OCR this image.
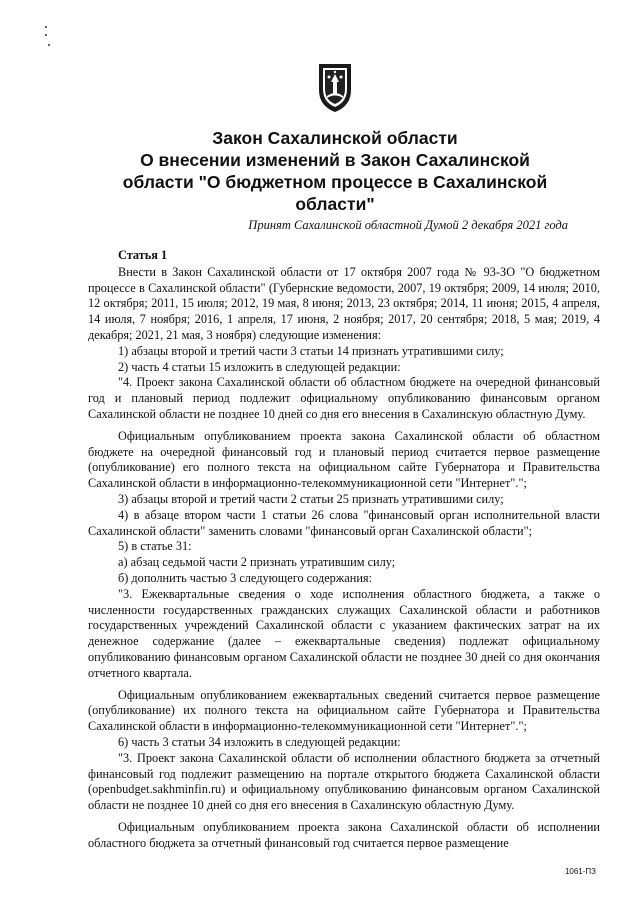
Закон Сахалинской области
О внесении изменений в Закон Сахалинской
области "О бюджетном процессе в Сахалинской
области"
Принят Сахалинской областной Думой 2 декабря 2021 года
Статья 1

Внести в Закон Сахалинской области от 17 октября 2007 года № 93-ЗО "О бюджетном процессе в Сахалинской области" (Губернские ведомости, 2007, 19 октября; 2009, 14 июля; 2010, 12 октября; 2011, 15 июля; 2012, 19 мая, 8 июня; 2013, 23 октября; 2014, 11 июня; 2015, 4 апреля, 14 июля, 7 ноября; 2016, 1 апреля, 17 июня, 2 ноября; 2017, 20 сентября; 2018, 5 мая; 2019, 4 декабря; 2021, 21 мая, 3 ноября) следующие изменения:

1) абзацы второй и третий части 3 статьи 14 признать утратившими силу;

2) часть 4 статьи 15 изложить в следующей редакции:

"4. Проект закона Сахалинской области об областном бюджете на очередной финансовый год и плановый период подлежит официальному опубликованию финансовым органом Сахалинской области не позднее 10 дней со дня его внесения в Сахалинскую областную Думу.

Официальным опубликованием проекта закона Сахалинской области об областном бюджете на очередной финансовый год и плановый период считается первое размещение (опубликование) его полного текста на официальном сайте Губернатора и Правительства Сахалинской области в информационно-телекоммуникационной сети "Интернет".";

3) абзацы второй и третий части 2 статьи 25 признать утратившими силу;

4) в абзаце втором части 1 статьи 26 слова "финансовый орган исполнительной власти Сахалинской области" заменить словами "финансовый орган Сахалинской области";

5) в статье 31:

а) абзац седьмой части 2 признать утратившим силу;

б) дополнить частью 3 следующего содержания:

"3. Ежеквартальные сведения о ходе исполнения областного бюджета, а также о численности государственных гражданских служащих Сахалинской области и работников государственных учреждений Сахалинской области с указанием фактических затрат на их денежное содержание (далее – ежеквартальные сведения) подлежат официальному опубликованию финансовым органом Сахалинской области не позднее 30 дней со дня окончания отчетного квартала.

Официальным опубликованием ежеквартальных сведений считается первое размещение (опубликование) их полного текста на официальном сайте Губернатора и Правительства Сахалинской области в информационно-телекоммуникационной сети "Интернет".";

6) часть 3 статьи 34 изложить в следующей редакции:

"3. Проект закона Сахалинской области об исполнении областного бюджета за отчетный финансовый год подлежит размещению на портале открытого бюджета Сахалинской области (openbudget.sakhminfin.ru) и официальному опубликованию финансовым органом Сахалинской области не позднее 10 дней со дня его внесения в Сахалинскую областную Думу.

Официальным опубликованием проекта закона Сахалинской области об исполнении областного бюджета за отчетный финансовый год считается первое размещение

1061-ПЗ
